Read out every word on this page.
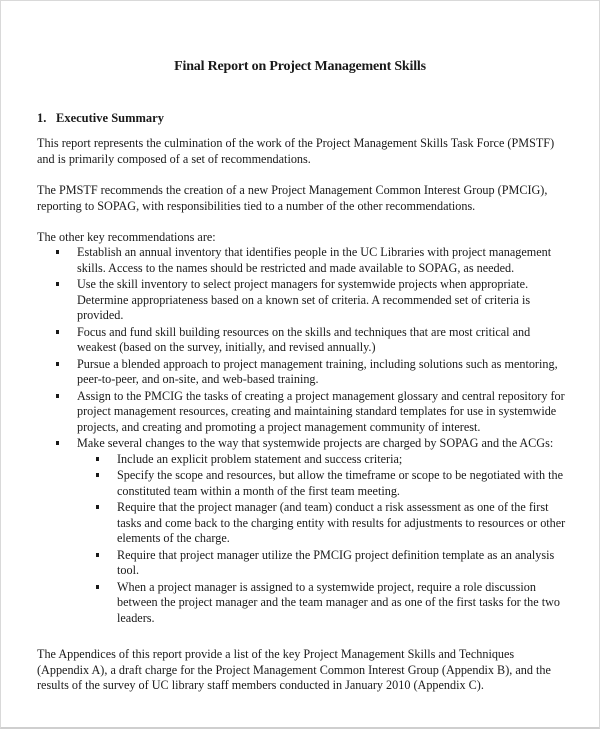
Final Report on Project Management Skills
1. Executive Summary

This report represents the culmination of the work of the Project Management Skills Task Force (PMSTF) and is primarily composed of a set of recommendations.

The PMSTF recommends the creation of a new Project Management Common Interest Group (PMCIG), reporting to SOPAG, with responsibilities tied to a number of the other recommendations.

The other key recommendations are:

Establish an annual inventory that identifies people in the UC Libraries with project management skills. Access to the names should be restricted and made available to SOPAG, as needed.
Use the skill inventory to select project managers for systemwide projects when appropriate. Determine appropriateness based on a known set of criteria. A recommended set of criteria is provided.
Focus and fund skill building resources on the skills and techniques that are most critical and weakest (based on the survey, initially, and revised annually.)
Pursue a blended approach to project management training, including solutions such as mentoring, peer-to-peer, and on-site, and web-based training.
Assign to the PMCIG the tasks of creating a project management glossary and central repository for project management resources, creating and maintaining standard templates for use in systemwide projects, and creating and promoting a project management community of interest.
Make several changes to the way that systemwide projects are charged by SOPAG and the ACGs:
Include an explicit problem statement and success criteria;
Specify the scope and resources, but allow the timeframe or scope to be negotiated with the constituted team within a month of the first team meeting.
Require that the project manager (and team) conduct a risk assessment as one of the first tasks and come back to the charging entity with results for adjustments to resources or other elements of the charge.
Require that project manager utilize the PMCIG project definition template as an analysis tool.
When a project manager is assigned to a systemwide project, require a role discussion between the project manager and the team manager and as one of the first tasks for the two leaders.

The Appendices of this report provide a list of the key Project Management Skills and Techniques (Appendix A), a draft charge for the Project Management Common Interest Group (Appendix B), and the results of the survey of UC library staff members conducted in January 2010 (Appendix C).
